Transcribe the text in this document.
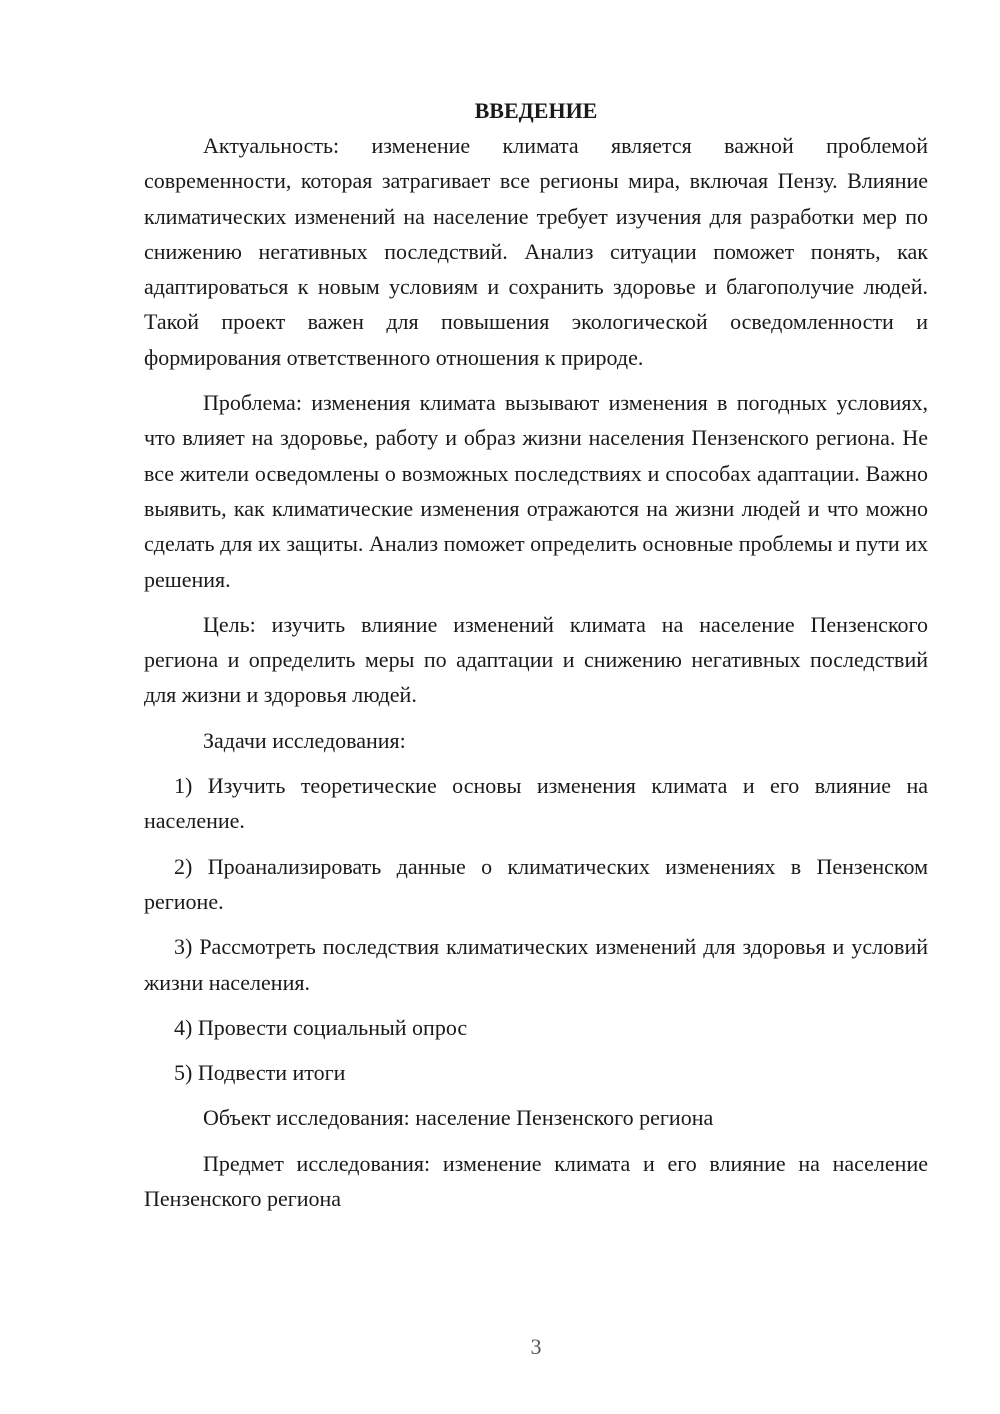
ВВЕДЕНИЕ

Актуальность: изменение климата является важной проблемой современности, которая затрагивает все регионы мира, включая Пензу. Влияние климатических изменений на население требует изучения для разработки мер по снижению негативных последствий. Анализ ситуации поможет понять, как адаптироваться к новым условиям и сохранить здоровье и благополучие людей. Такой проект важен для повышения экологической осведомленности и формирования ответственного отношения к природе.

Проблема: изменения климата вызывают изменения в погодных условиях, что влияет на здоровье, работу и образ жизни населения Пензенского региона. Не все жители осведомлены о возможных последствиях и способах адаптации. Важно выявить, как климатические изменения отражаются на жизни людей и что можно сделать для их защиты. Анализ поможет определить основные проблемы и пути их решения.

Цель: изучить влияние изменений климата на население Пензенского региона и определить меры по адаптации и снижению негативных последствий для жизни и здоровья людей.

Задачи исследования:

1) Изучить теоретические основы изменения климата и его влияние на население.

2) Проанализировать данные о климатических изменениях в Пензенском регионе.

3) Рассмотреть последствия климатических изменений для здоровья и условий жизни населения.

4) Провести социальный опрос

5) Подвести итоги

Объект исследования: население Пензенского региона

Предмет исследования: изменение климата и его влияние на население Пензенского региона

3
